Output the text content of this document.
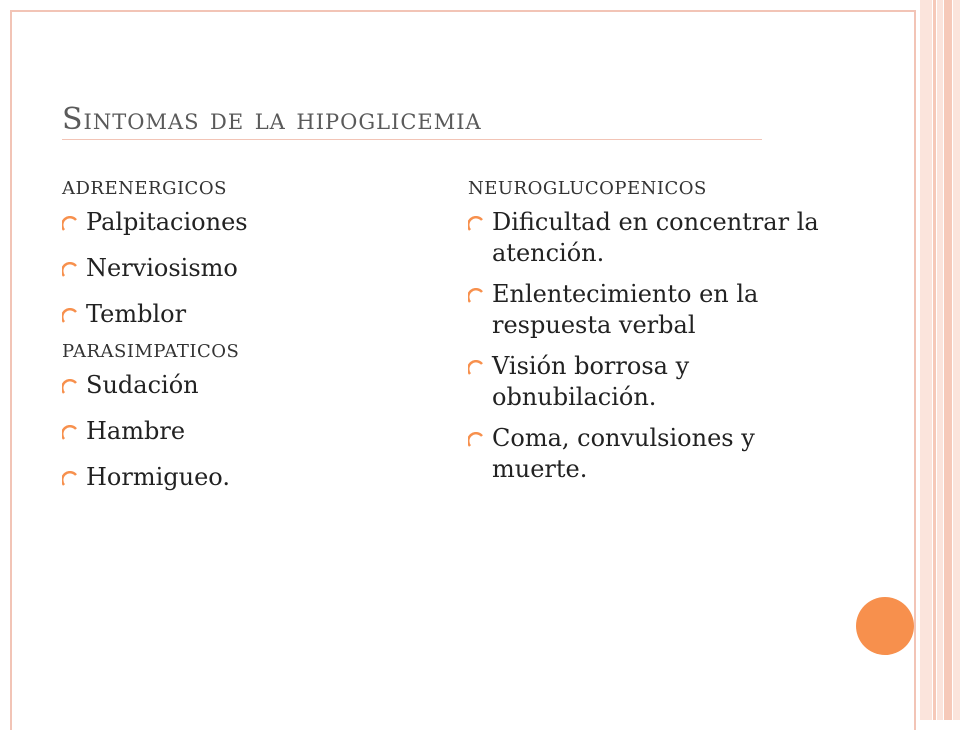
Sintomas de la hipoglicemia
ADRENERGICOS
Palpitaciones
Nerviosismo
Temblor
PARASIMPATICOS
Sudación
Hambre
Hormigueo.
NEUROGLUCOPENICOS
Dificultad en concentrar la atención.
Enlentecimiento en la respuesta verbal
Visión borrosa y obnubilación.
Coma, convulsiones y muerte.
